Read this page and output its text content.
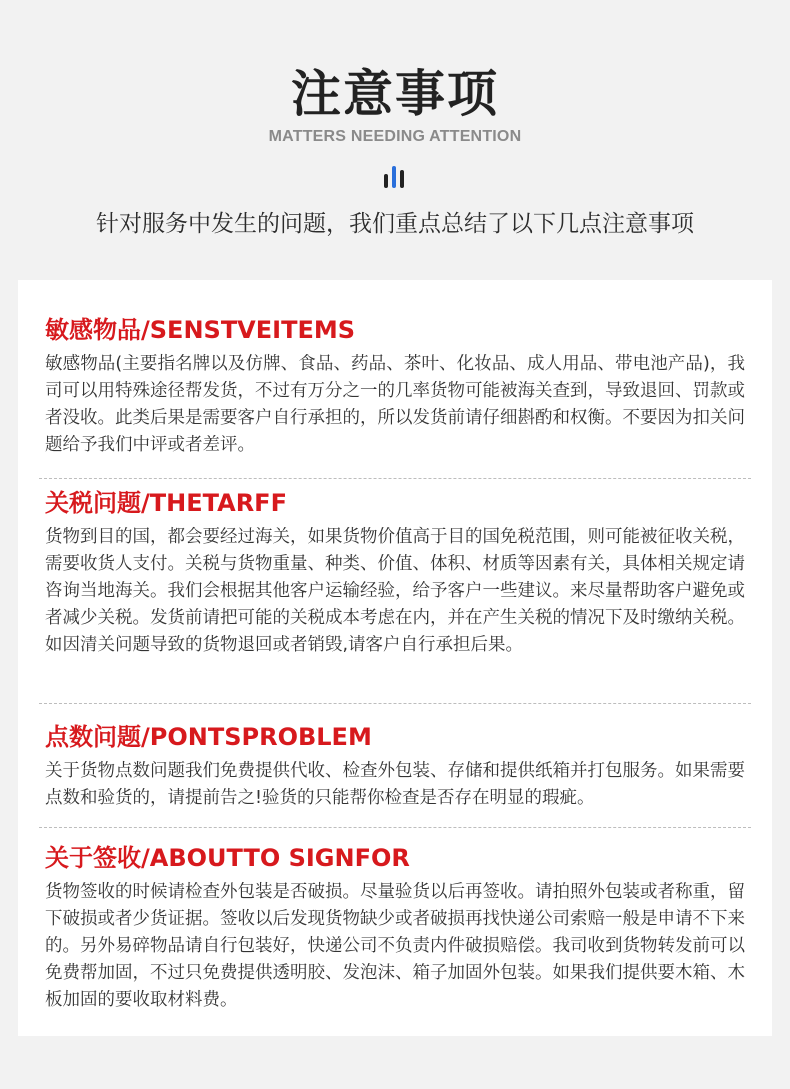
注意事项
MATTERS NEEDING ATTENTION
针对服务中发生的问题，我们重点总结了以下几点注意事项
敏感物品/SENSTVEITEMS
敏感物品(主要指名牌以及仿牌、食品、药品、茶叶、化妆品、成人用品、带电池产品)，我司可以用特殊途径帮发货，不过有万分之一的几率货物可能被海关查到，导致退回、罚款或者没收。此类后果是需要客户自行承担的，所以发货前请仔细斟酌和权衡。不要因为扣关问题给予我们中评或者差评。
关税问题/THETARFF
货物到目的国，都会要经过海关，如果货物价值高于目的国免税范围，则可能被征收关税，需要收货人支付。关税与货物重量、种类、价值、体积、材质等因素有关，具体相关规定请咨询当地海关。我们会根据其他客户运输经验，给予客户一些建议。来尽量帮助客户避免或者减少关税。发货前请把可能的关税成本考虑在内，并在产生关税的情况下及时缴纳关税。如因清关问题导致的货物退回或者销毁,请客户自行承担后果。
点数问题/PONTSPROBLEM
关于货物点数问题我们免费提供代收、检查外包装、存储和提供纸箱并打包服务。如果需要点数和验货的，请提前告之!验货的只能帮你检查是否存在明显的瑕疵。
关于签收/ABOUTTO SIGNFOR
货物签收的时候请检查外包装是否破损。尽量验货以后再签收。请拍照外包装或者称重，留下破损或者少货证据。签收以后发现货物缺少或者破损再找快递公司索赔一般是申请不下来的。另外易碎物品请自行包装好，快递公司不负责内件破损赔偿。我司收到货物转发前可以免费帮加固，不过只免费提供透明胶、发泡沫、箱子加固外包装。如果我们提供要木箱、木板加固的要收取材料费。
